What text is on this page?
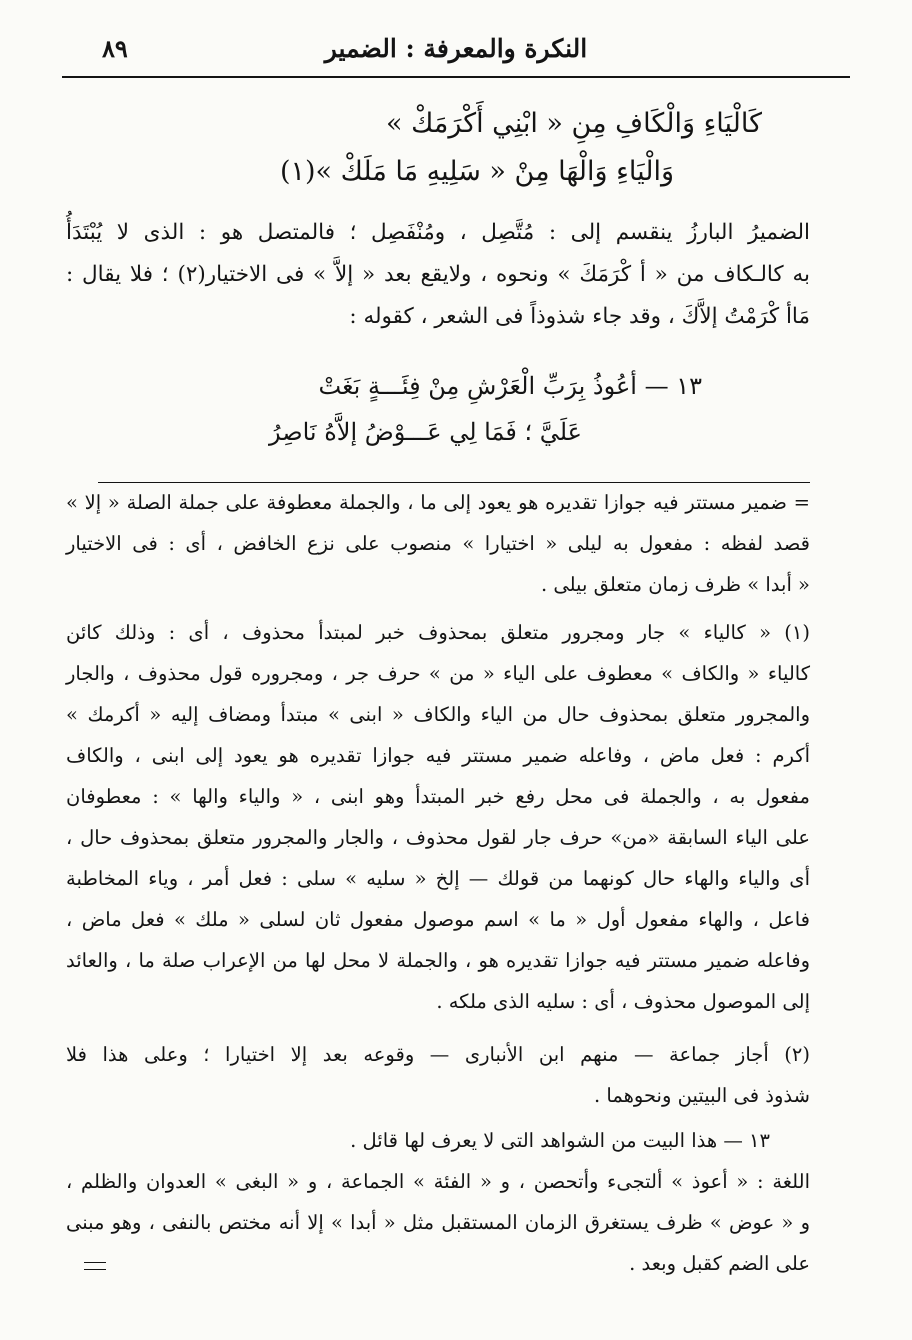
النكرة والمعرفة : الضمير
٨٩
كَالْيَاءِ وَالْكَافِ مِنِ « ابْنِي أَكْرَمَكْ »
وَالْيَاءِ وَالْهَا مِنْ « سَلِيهِ مَا مَلَكْ »(١)
الضميرُ البارزُ ينقسم إلى : مُتَّصِل ، ومُنْفَصِل ؛ فالمتصل هو : الذى لا يُبْتَدَأُ
به كالـكاف من « أ كْرَمَكَ » ونحوه ، ولايقع بعد « إلاَّ » فى الاختيار(٢) ؛ فلا يقال :
مَاأ كْرَمْتُ إلاَّكَ ، وقد جاء شذوذاً فى الشعر ، كقوله :
١٣ — أعُوذُ بِرَبِّ الْعَرْشِ مِنْ فِئَـــةٍ بَغَتْ
عَلَيَّ ؛ فَمَا لِي عَـــوْضُ إلاَّهُ نَاصِرُ
= ضمير مستتر فيه جوازا تقديره هو يعود إلى ما ، والجملة معطوفة على جملة الصلة « إلا »
قصد لفظه : مفعول به ليلى « اختيارا » منصوب على نزع الخافض ، أى : فى الاختيار
« أبدا » ظرف زمان متعلق بيلى .
(١) « كالياء » جار ومجرور متعلق بمحذوف خبر لمبتدأ محذوف ، أى : وذلك كائن
كالياء « والكاف » معطوف على الياء « من » حرف جر ، ومجروره قول محذوف ، والجار
والمجرور متعلق بمحذوف حال من الياء والكاف « ابنى » مبتدأ ومضاف إليه « أكرمك »
أكرم : فعل ماض ، وفاعله ضمير مستتر فيه جوازا تقديره هو يعود إلى ابنى ، والكاف
مفعول به ، والجملة فى محل رفع خبر المبتدأ وهو ابنى ، « والياء والها » : معطوفان
على الياء السابقة «من» حرف جار لقول محذوف ، والجار والمجرور متعلق بمحذوف حال ،
أى والياء والهاء حال كونهما من قولك — إلخ « سليه » سلى : فعل أمر ، وياء المخاطبة
فاعل ، والهاء مفعول أول « ما » اسم موصول مفعول ثان لسلى « ملك » فعل ماض ،
وفاعله ضمير مستتر فيه جوازا تقديره هو ، والجملة لا محل لها من الإعراب صلة ما ، والعائد
إلى الموصول محذوف ، أى : سليه الذى ملكه .
(٢) أجاز جماعة — منهم ابن الأنبارى — وقوعه بعد إلا اختيارا ؛ وعلى هذا فلا
شذوذ فى البيتين ونحوهما .
١٣ — هذا البيت من الشواهد التى لا يعرف لها قائل .
اللغة : « أعوذ » ألتجىء وأتحصن ، و « الفئة » الجماعة ، و « البغى » العدوان والظلم ،
و « عوض » ظرف يستغرق الزمان المستقبل مثل « أبدا » إلا أنه مختص بالنفى ، وهو مبنى
على الضم كقبل وبعد .
